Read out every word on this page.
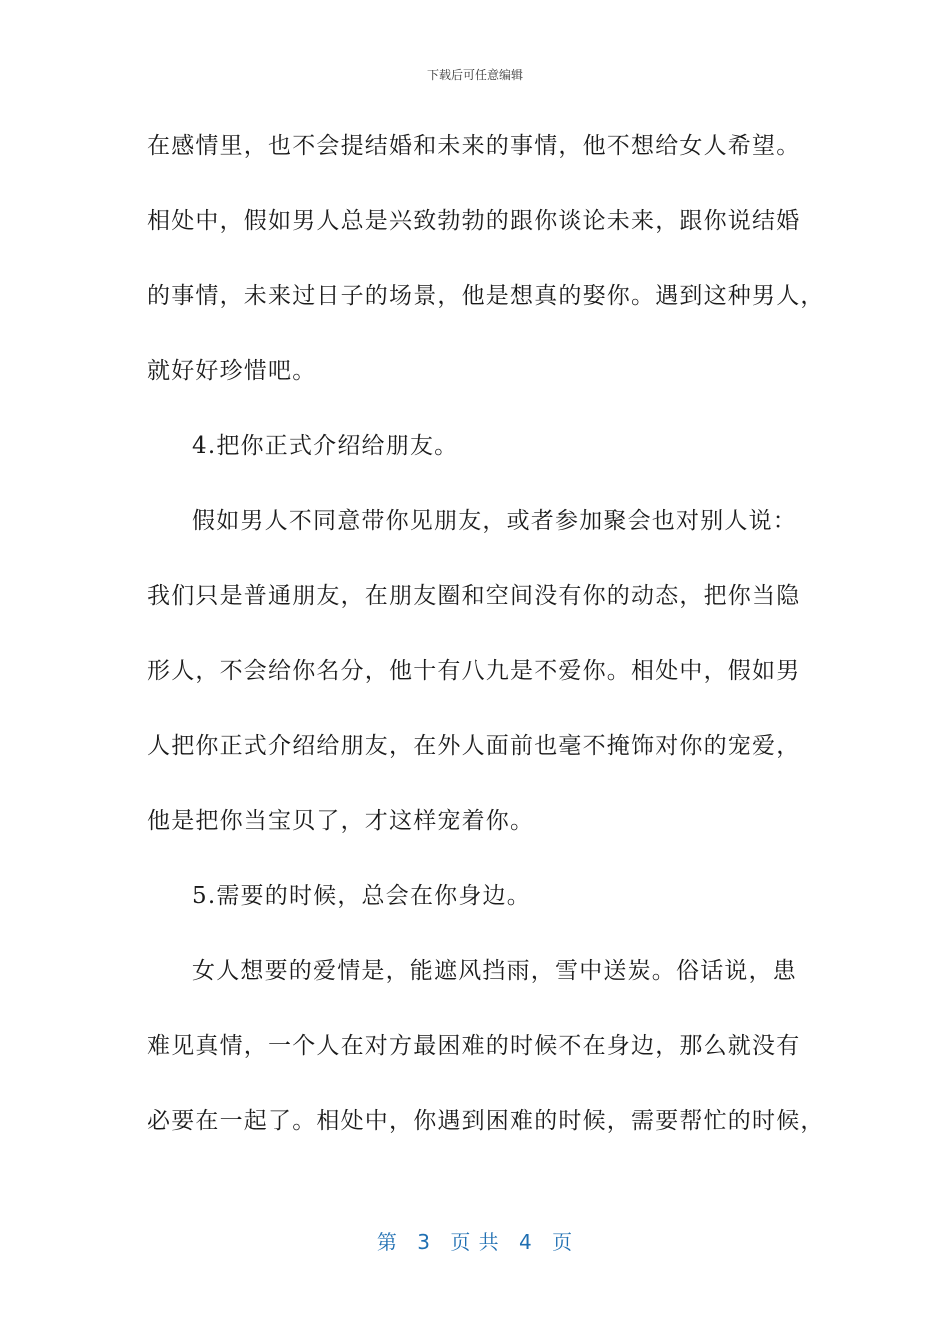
下载后可任意编辑
在感情里，也不会提结婚和未来的事情，他不想给女人希望。
相处中，假如男人总是兴致勃勃的跟你谈论未来，跟你说结婚
的事情，未来过日子的场景，他是想真的娶你。遇到这种男人，
就好好珍惜吧。
4.把你正式介绍给朋友。
假如男人不同意带你见朋友，或者参加聚会也对别人说：
我们只是普通朋友，在朋友圈和空间没有你的动态，把你当隐
形人，不会给你名分，他十有八九是不爱你。相处中，假如男
人把你正式介绍给朋友，在外人面前也毫不掩饰对你的宠爱，
他是把你当宝贝了，才这样宠着你。
5.需要的时候，总会在你身边。
女人想要的爱情是，能遮风挡雨，雪中送炭。俗话说，患
难见真情，一个人在对方最困难的时候不在身边，那么就没有
必要在一起了。相处中，你遇到困难的时候，需要帮忙的时候，
第 3 页 共 4 页
